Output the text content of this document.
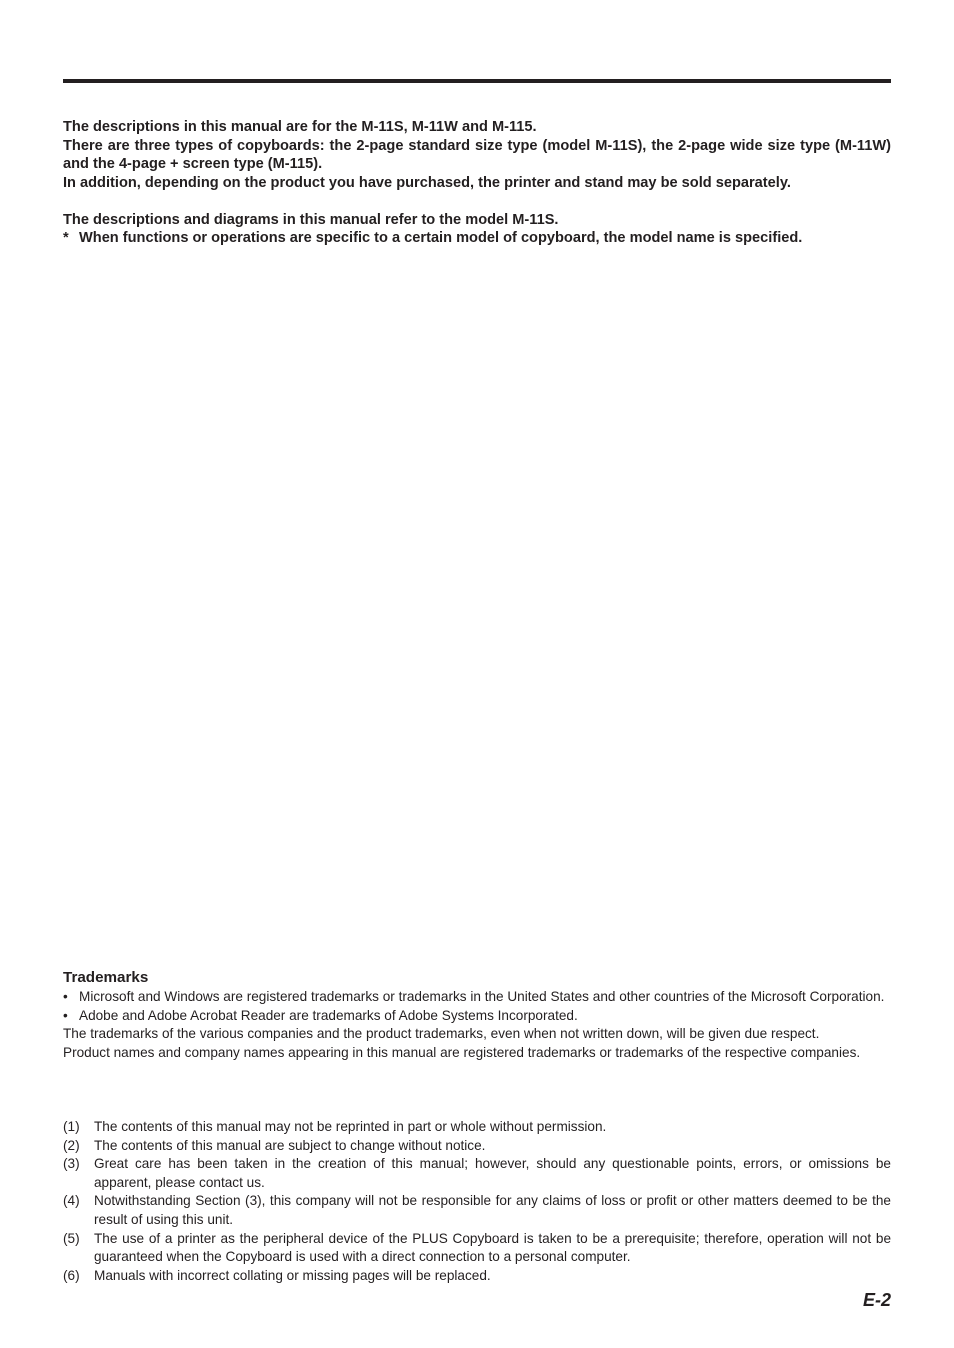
The descriptions in this manual are for the M-11S, M-11W and M-115.

There are three types of copyboards: the 2-page standard size type (model M-11S), the 2-page wide size type (M-11W) and the 4-page + screen type (M-115).

In addition, depending on the product you have purchased, the printer and stand may be sold separately.

The descriptions and diagrams in this manual refer to the model M-11S.

* When functions or operations are specific to a certain model of copyboard, the model name is specified.
Trademarks
• Microsoft and Windows are registered trademarks or trademarks in the United States and other countries of the Microsoft Corporation.
• Adobe and Adobe Acrobat Reader are trademarks of Adobe Systems Incorporated.

The trademarks of the various companies and the product trademarks, even when not written down, will be given due respect.

Product names and company names appearing in this manual are registered trademarks or trademarks of the respective companies.

(1)	The contents of this manual may not be reprinted in part or whole without permission.
(2)	The contents of this manual are subject to change without notice.
(3)	Great care has been taken in the creation of this manual; however, should any questionable points, errors, or omissions be apparent, please contact us.
(4)	Notwithstanding Section (3), this company will not be responsible for any claims of loss or profit or other matters deemed to be the result of using this unit.
(5)	The use of a printer as the peripheral device of the PLUS Copyboard is taken to be a prerequisite; therefore, operation will not be guaranteed when the Copyboard is used with a direct connection to a personal computer.
(6)	Manuals with incorrect collating or missing pages will be replaced.
E-2
